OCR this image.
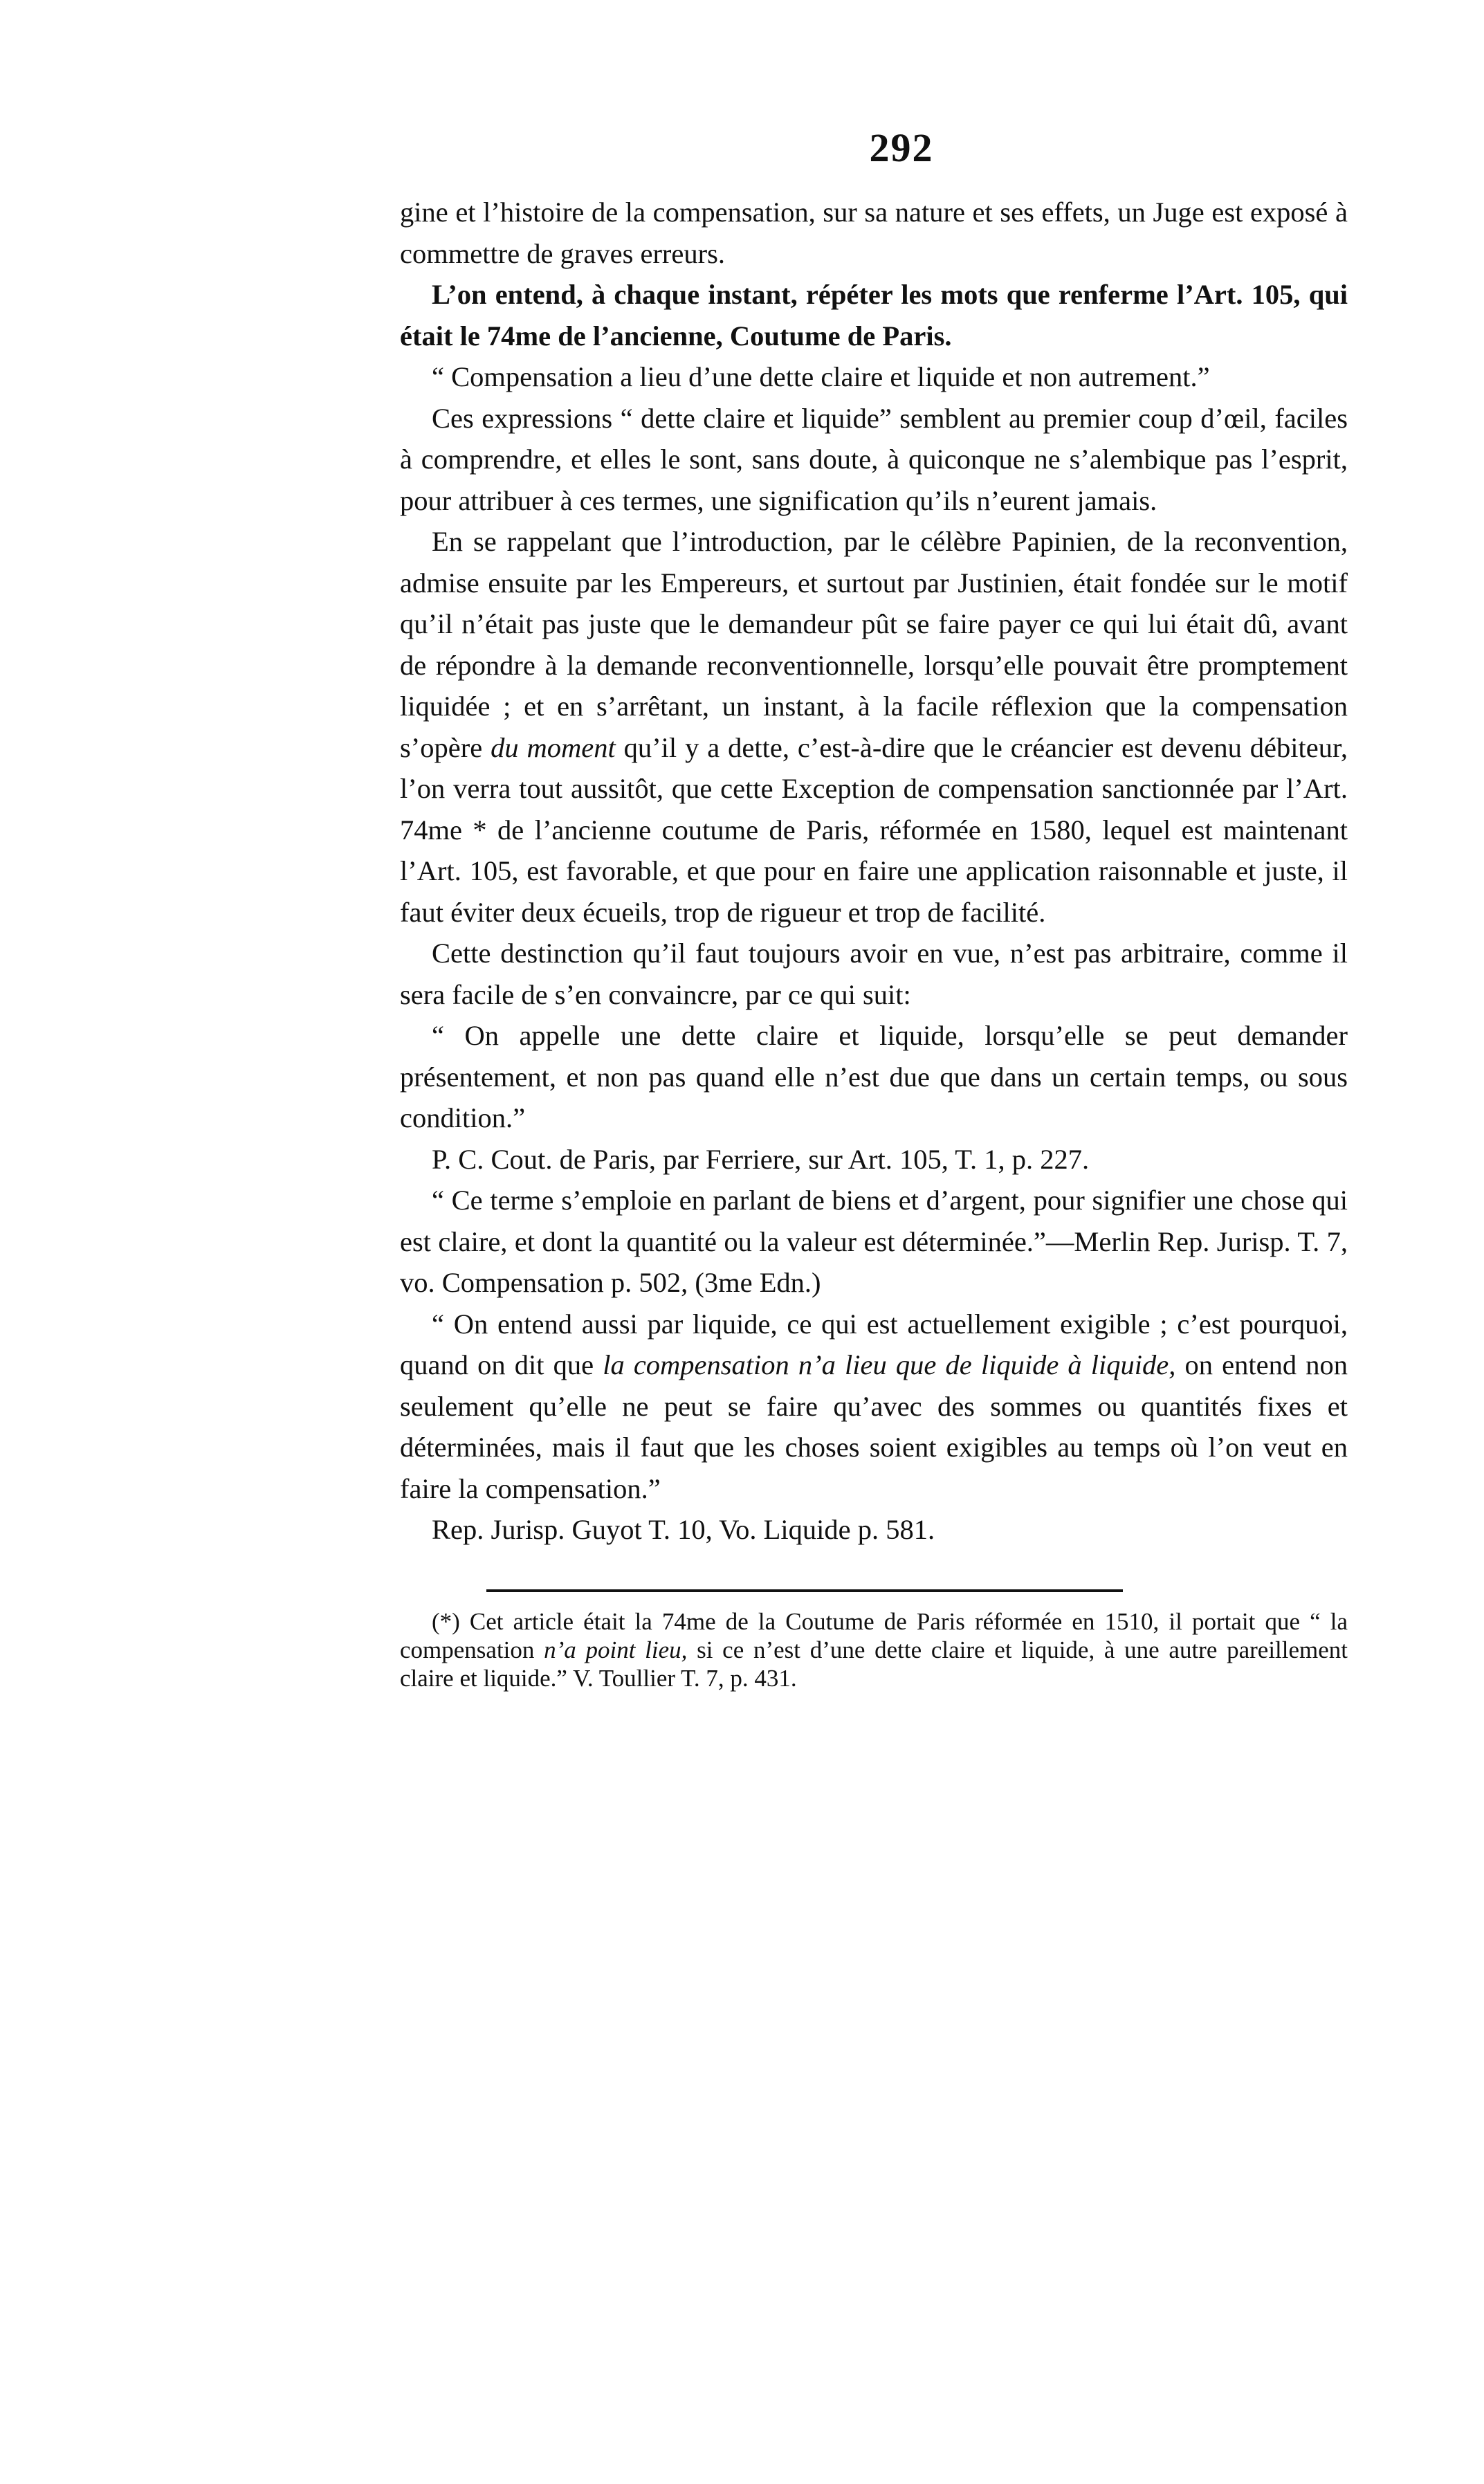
292

gine et l’histoire de la compensation, sur sa nature et ses effets, un Juge est exposé à commettre de graves erreurs.

L’on entend, à chaque instant, répéter les mots que renferme l’Art. 105, qui était le 74me de l’ancienne, Coutume de Paris.

“ Compensation a lieu d’une dette claire et liquide et non autrement.”

Ces expressions “ dette claire et liquide” semblent au premier coup d’œil, faciles à comprendre, et elles le sont, sans doute, à quiconque ne s’alembique pas l’esprit, pour attribuer à ces termes, une signification qu’ils n’eurent jamais.

En se rappelant que l’introduction, par le célèbre Papinien, de la reconvention, admise ensuite par les Empereurs, et surtout par Justinien, était fondée sur le motif qu’il n’était pas juste que le demandeur pût se faire payer ce qui lui était dû, avant de répondre à la demande reconventionnelle, lorsqu’elle pouvait être promptement liquidée ; et en s’arrêtant, un instant, à la facile réflexion que la compensation s’opère du moment qu’il y a dette, c’est-à-dire que le créancier est devenu débiteur, l’on verra tout aussitôt, que cette Exception de compensation sanctionnée par l’Art. 74me * de l’ancienne coutume de Paris, réformée en 1580, lequel est maintenant l’Art. 105, est favorable, et que pour en faire une application raisonnable et juste, il faut éviter deux écueils, trop de rigueur et trop de facilité.

Cette destinction qu’il faut toujours avoir en vue, n’est pas arbitraire, comme il sera facile de s’en convaincre, par ce qui suit:

“ On appelle une dette claire et liquide, lorsqu’elle se peut demander présentement, et non pas quand elle n’est due que dans un certain temps, ou sous condition.”

P. C. Cout. de Paris, par Ferriere, sur Art. 105, T. 1, p. 227.

“ Ce terme s’emploie en parlant de biens et d’argent, pour signifier une chose qui est claire, et dont la quantité ou la valeur est déterminée.”—Merlin Rep. Jurisp. T. 7, vo. Compensation p. 502, (3me Edn.)

“ On entend aussi par liquide, ce qui est actuellement exigible ; c’est pourquoi, quand on dit que la compensation n’a lieu que de liquide à liquide, on entend non seulement qu’elle ne peut se faire qu’avec des sommes ou quantités fixes et déterminées, mais il faut que les choses soient exigibles au temps où l’on veut en faire la compensation.”

Rep. Jurisp. Guyot T. 10, Vo. Liquide p. 581.

(*) Cet article était la 74me de la Coutume de Paris réformée en 1510, il portait que “ la compensation n’a point lieu, si ce n’est d’une dette claire et liquide, à une autre pareillement claire et liquide.” V. Toullier T. 7, p. 431.
